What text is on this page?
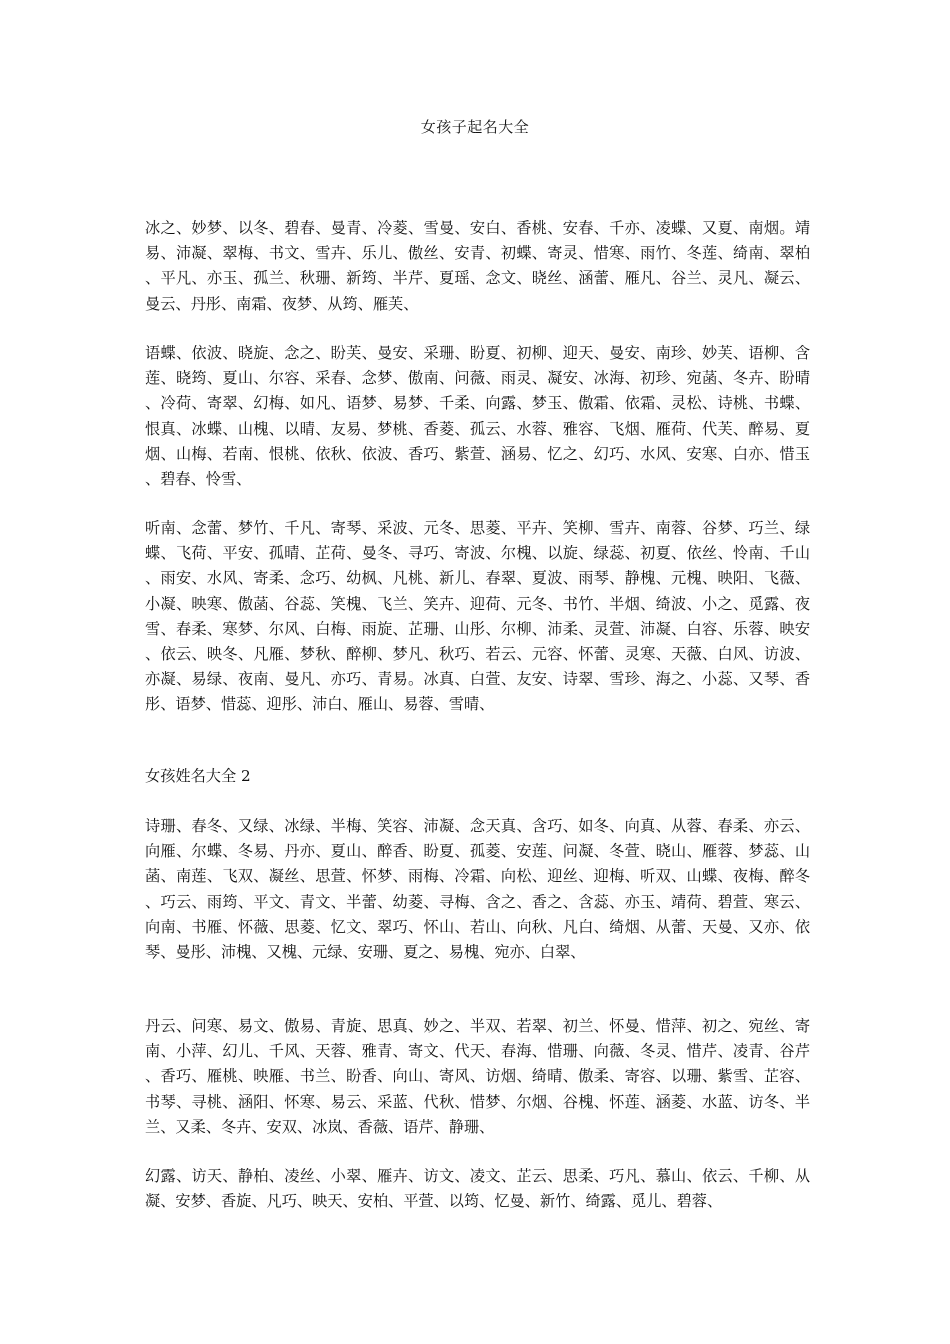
女孩子起名大全

冰之、妙梦、以冬、碧春、曼青、冷菱、雪曼、安白、香桃、安春、千亦、凌蝶、又夏、南烟。靖易、沛凝、翠梅、书文、雪卉、乐儿、傲丝、安青、初蝶、寄灵、惜寒、雨竹、冬莲、绮南、翠柏、平凡、亦玉、孤兰、秋珊、新筠、半芹、夏瑶、念文、晓丝、涵蕾、雁凡、谷兰、灵凡、凝云、曼云、丹彤、南霜、夜梦、从筠、雁芙、

语蝶、依波、晓旋、念之、盼芙、曼安、采珊、盼夏、初柳、迎天、曼安、南珍、妙芙、语柳、含莲、晓筠、夏山、尔容、采春、念梦、傲南、问薇、雨灵、凝安、冰海、初珍、宛菡、冬卉、盼晴、冷荷、寄翠、幻梅、如凡、语梦、易梦、千柔、向露、梦玉、傲霜、依霜、灵松、诗桃、书蝶、恨真、冰蝶、山槐、以晴、友易、梦桃、香菱、孤云、水蓉、雅容、飞烟、雁荷、代芙、醉易、夏烟、山梅、若南、恨桃、依秋、依波、香巧、紫萱、涵易、忆之、幻巧、水风、安寒、白亦、惜玉、碧春、怜雪、

听南、念蕾、梦竹、千凡、寄琴、采波、元冬、思菱、平卉、笑柳、雪卉、南蓉、谷梦、巧兰、绿蝶、飞荷、平安、孤晴、芷荷、曼冬、寻巧、寄波、尔槐、以旋、绿蕊、初夏、依丝、怜南、千山、雨安、水风、寄柔、念巧、幼枫、凡桃、新儿、春翠、夏波、雨琴、静槐、元槐、映阳、飞薇、小凝、映寒、傲菡、谷蕊、笑槐、飞兰、笑卉、迎荷、元冬、书竹、半烟、绮波、小之、觅露、夜雪、春柔、寒梦、尔风、白梅、雨旋、芷珊、山彤、尔柳、沛柔、灵萱、沛凝、白容、乐蓉、映安、依云、映冬、凡雁、梦秋、醉柳、梦凡、秋巧、若云、元容、怀蕾、灵寒、天薇、白风、访波、亦凝、易绿、夜南、曼凡、亦巧、青易。冰真、白萱、友安、诗翠、雪珍、海之、小蕊、又琴、香彤、语梦、惜蕊、迎彤、沛白、雁山、易蓉、雪晴、

女孩姓名大全 2

诗珊、春冬、又绿、冰绿、半梅、笑容、沛凝、念天真、含巧、如冬、向真、从蓉、春柔、亦云、向雁、尔蝶、冬易、丹亦、夏山、醉香、盼夏、孤菱、安莲、问凝、冬萱、晓山、雁蓉、梦蕊、山菡、南莲、飞双、凝丝、思萱、怀梦、雨梅、冷霜、向松、迎丝、迎梅、听双、山蝶、夜梅、醉冬、巧云、雨筠、平文、青文、半蕾、幼菱、寻梅、含之、香之、含蕊、亦玉、靖荷、碧萱、寒云、向南、书雁、怀薇、思菱、忆文、翠巧、怀山、若山、向秋、凡白、绮烟、从蕾、天曼、又亦、依琴、曼彤、沛槐、又槐、元绿、安珊、夏之、易槐、宛亦、白翠、

丹云、问寒、易文、傲易、青旋、思真、妙之、半双、若翠、初兰、怀曼、惜萍、初之、宛丝、寄南、小萍、幻儿、千风、天蓉、雅青、寄文、代天、春海、惜珊、向薇、冬灵、惜芹、凌青、谷芹、香巧、雁桃、映雁、书兰、盼香、向山、寄风、访烟、绮晴、傲柔、寄容、以珊、紫雪、芷容、书琴、寻桃、涵阳、怀寒、易云、采蓝、代秋、惜梦、尔烟、谷槐、怀莲、涵菱、水蓝、访冬、半兰、又柔、冬卉、安双、冰岚、香薇、语芹、静珊、

幻露、访天、静柏、凌丝、小翠、雁卉、访文、凌文、芷云、思柔、巧凡、慕山、依云、千柳、从凝、安梦、香旋、凡巧、映天、安柏、平萱、以筠、忆曼、新竹、绮露、觅儿、碧蓉、
